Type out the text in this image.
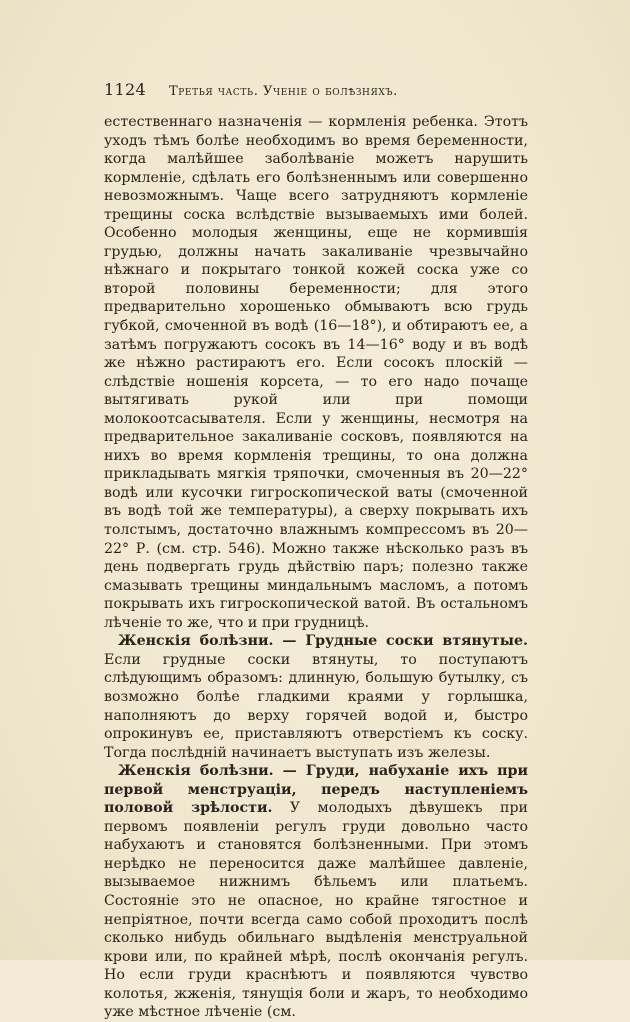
1124 Третья часть. Ученіе о болѣзняхъ.

естественнаго назначенія — кормленія ребенка. Этотъ уходъ тѣмъ болѣе необходимъ во время беременности, когда малѣйшее заболѣваніе можетъ нарушить кормленіе, сдѣлать его болѣзненнымъ или совершенно невозможнымъ. Чаще всего затрудняютъ кормленіе трещины соска вслѣдствіе вызываемыхъ ими болей. Особенно молодыя женщины, еще не кормившія грудью, должны начать закаливаніе чрезвычайно нѣжнаго и покрытаго тонкой кожей соска уже со второй половины беременности; для этого предварительно хорошенько обмываютъ всю грудь губкой, смоченной въ водѣ (16—18°), и обтираютъ ее, а затѣмъ погружаютъ сосокъ въ 14—16° воду и въ водѣ же нѣжно растираютъ его. Если сосокъ плоскій — слѣдствіе ношенія корсета, — то его надо почаще вытягивать рукой или при помощи молокоотсасывателя. Если у женщины, несмотря на предварительное закаливаніе сосковъ, появляются на нихъ во время кормленія трещины, то она должна прикладывать мягкія тряпочки, смоченныя въ 20—22° водѣ или кусочки гигроскопической ваты (смоченной въ водѣ той же температуры), а сверху покрывать ихъ толстымъ, достаточно влажнымъ компрессомъ въ 20—22° Р. (см. стр. 546). Можно также нѣсколько разъ въ день подвергать грудь дѣйствію паръ; полезно также смазывать трещины миндальнымъ масломъ, а потомъ покрывать ихъ гигроскопической ватой. Въ остальномъ лѣченіе то же, что и при грудницѣ.

Женскія болѣзни. — Грудные соски втянутые. Если грудные соски втянуты, то поступаютъ слѣдующимъ образомъ: длинную, большую бутылку, съ возможно болѣе гладкими краями у горлышка, наполняютъ до верху горячей водой и, быстро опрокинувъ ее, приставляютъ отверстіемъ къ соску. Тогда послѣдній начинаетъ выступать изъ железы.

Женскія болѣзни. — Груди, набуханіе ихъ при первой менструаціи, передъ наступленіемъ половой зрѣлости. У молодыхъ дѣвушекъ при первомъ появленіи регулъ груди довольно часто набухаютъ и становятся болѣзненными. При этомъ нерѣдко не переносится даже малѣйшее давленіе, вызываемое нижнимъ бѣльемъ или платьемъ. Состояніе это не опасное, но крайне тягостное и непріятное, почти всегда само собой проходитъ послѣ сколько нибудь обильнаго выдѣленія менструальной крови или, по крайней мѣрѣ, послѣ окончанія регулъ. Но если груди краснѣютъ и появляются чувство колотья, жженія, тянущія боли и жаръ, то необходимо уже мѣстное лѣченіе (см.
